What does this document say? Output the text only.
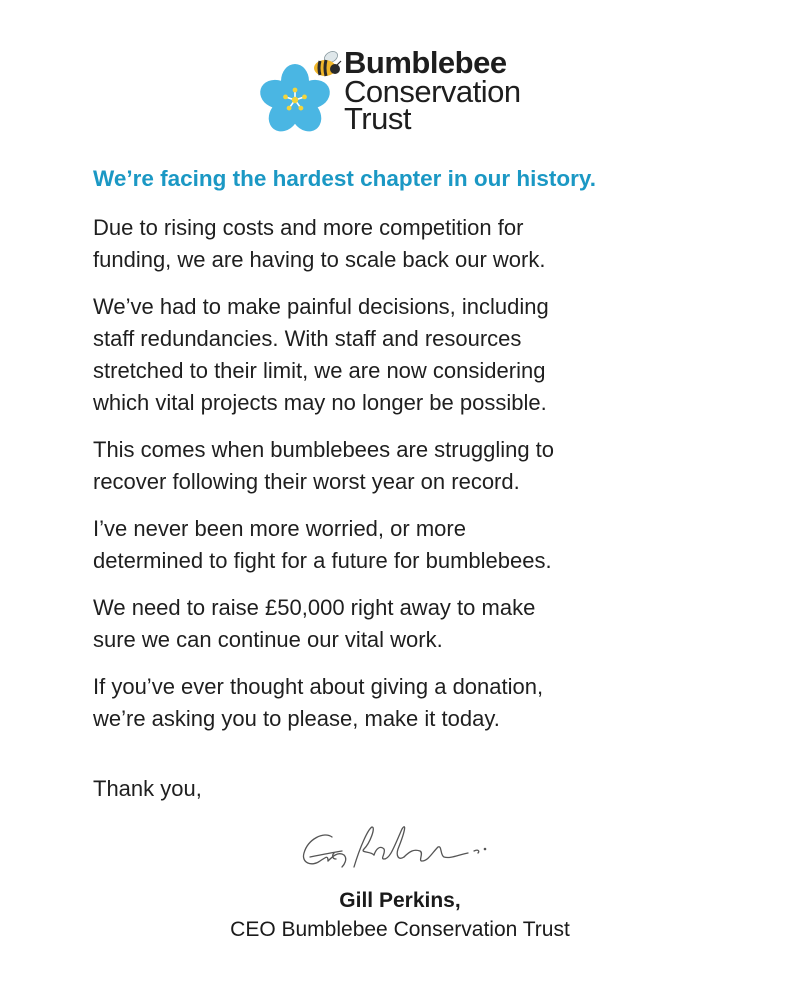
Bumblebee
Conservation
Trust
We’re facing the hardest chapter in our history.

Due to rising costs and more competition for
funding, we are having to scale back our work.

We’ve had to make painful decisions, including
staff redundancies. With staff and resources
stretched to their limit, we are now considering
which vital projects may no longer be possible.

This comes when bumblebees are struggling to
recover following their worst year on record.

I’ve never been more worried, or more
determined to fight for a future for bumblebees.

We need to raise £50,000 right away to make
sure we can continue our vital work.

If you’ve ever thought about giving a donation,
we’re asking you to please, make it today.

Thank you,

Gill Perkins,

CEO Bumblebee Conservation Trust
